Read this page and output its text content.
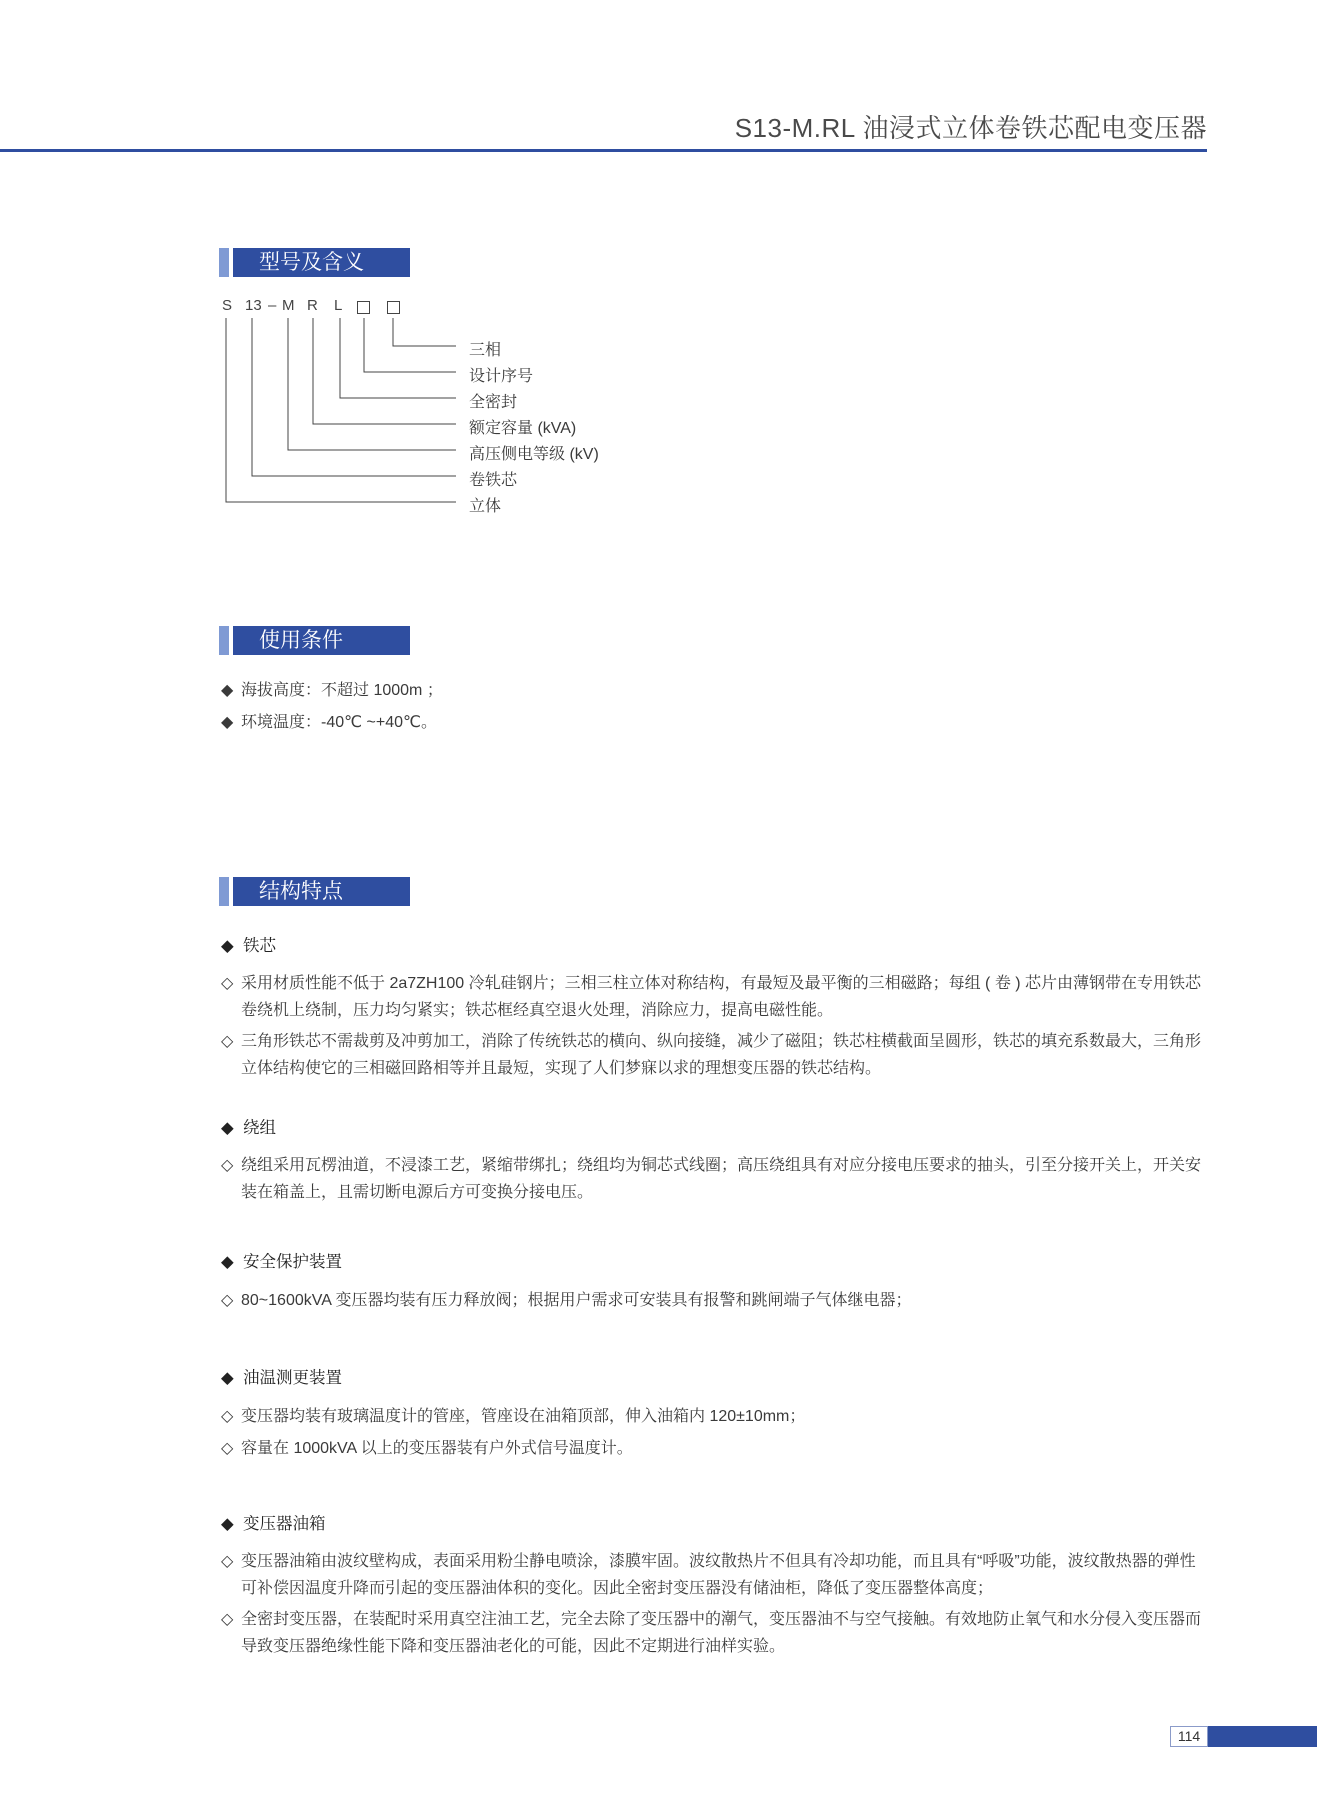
S13-M.RL 油浸式立体卷铁芯配电变压器
型号及含义
S 13 – M R L
三相
设计序号
全密封
额定容量 (kVA)
高压侧电等级 (kV)
卷铁芯
立体
使用条件
◆ 海拔高度：不超过 1000m ；
◆ 环境温度：-40℃ ~+40℃。
结构特点
◆ 铁芯
◇ 采用材质性能不低于 2a7ZH100 冷轧硅钢片；三相三柱立体对称结构，有最短及最平衡的三相磁路；每组 ( 卷 ) 芯片由薄钢带在专用铁芯卷绕机上绕制，压力均匀紧实；铁芯框经真空退火处理，消除应力，提高电磁性能。
◇ 三角形铁芯不需裁剪及冲剪加工，消除了传统铁芯的横向、纵向接缝，减少了磁阻；铁芯柱横截面呈圆形，铁芯的填充系数最大，三角形立体结构使它的三相磁回路相等并且最短，实现了人们梦寐以求的理想变压器的铁芯结构。
◆ 绕组
◇ 绕组采用瓦楞油道，不浸漆工艺，紧缩带绑扎；绕组均为铜芯式线圈；高压绕组具有对应分接电压要求的抽头，引至分接开关上，开关安装在箱盖上，且需切断电源后方可变换分接电压。
◆ 安全保护装置
◇ 80~1600kVA 变压器均装有压力释放阀；根据用户需求可安装具有报警和跳闸端子气体继电器；
◆ 油温测更装置
◇ 变压器均装有玻璃温度计的管座，管座设在油箱顶部，伸入油箱内 120±10mm；
◇ 容量在 1000kVA 以上的变压器装有户外式信号温度计。
◆ 变压器油箱
◇ 变压器油箱由波纹壁构成，表面采用粉尘静电喷涂，漆膜牢固。波纹散热片不但具有冷却功能，而且具有“呼吸”功能，波纹散热器的弹性可补偿因温度升降而引起的变压器油体积的变化。因此全密封变压器没有储油柜，降低了变压器整体高度；
◇ 全密封变压器，在装配时采用真空注油工艺，完全去除了变压器中的潮气，变压器油不与空气接触。有效地防止氧气和水分侵入变压器而导致变压器绝缘性能下降和变压器油老化的可能，因此不定期进行油样实验。
114
